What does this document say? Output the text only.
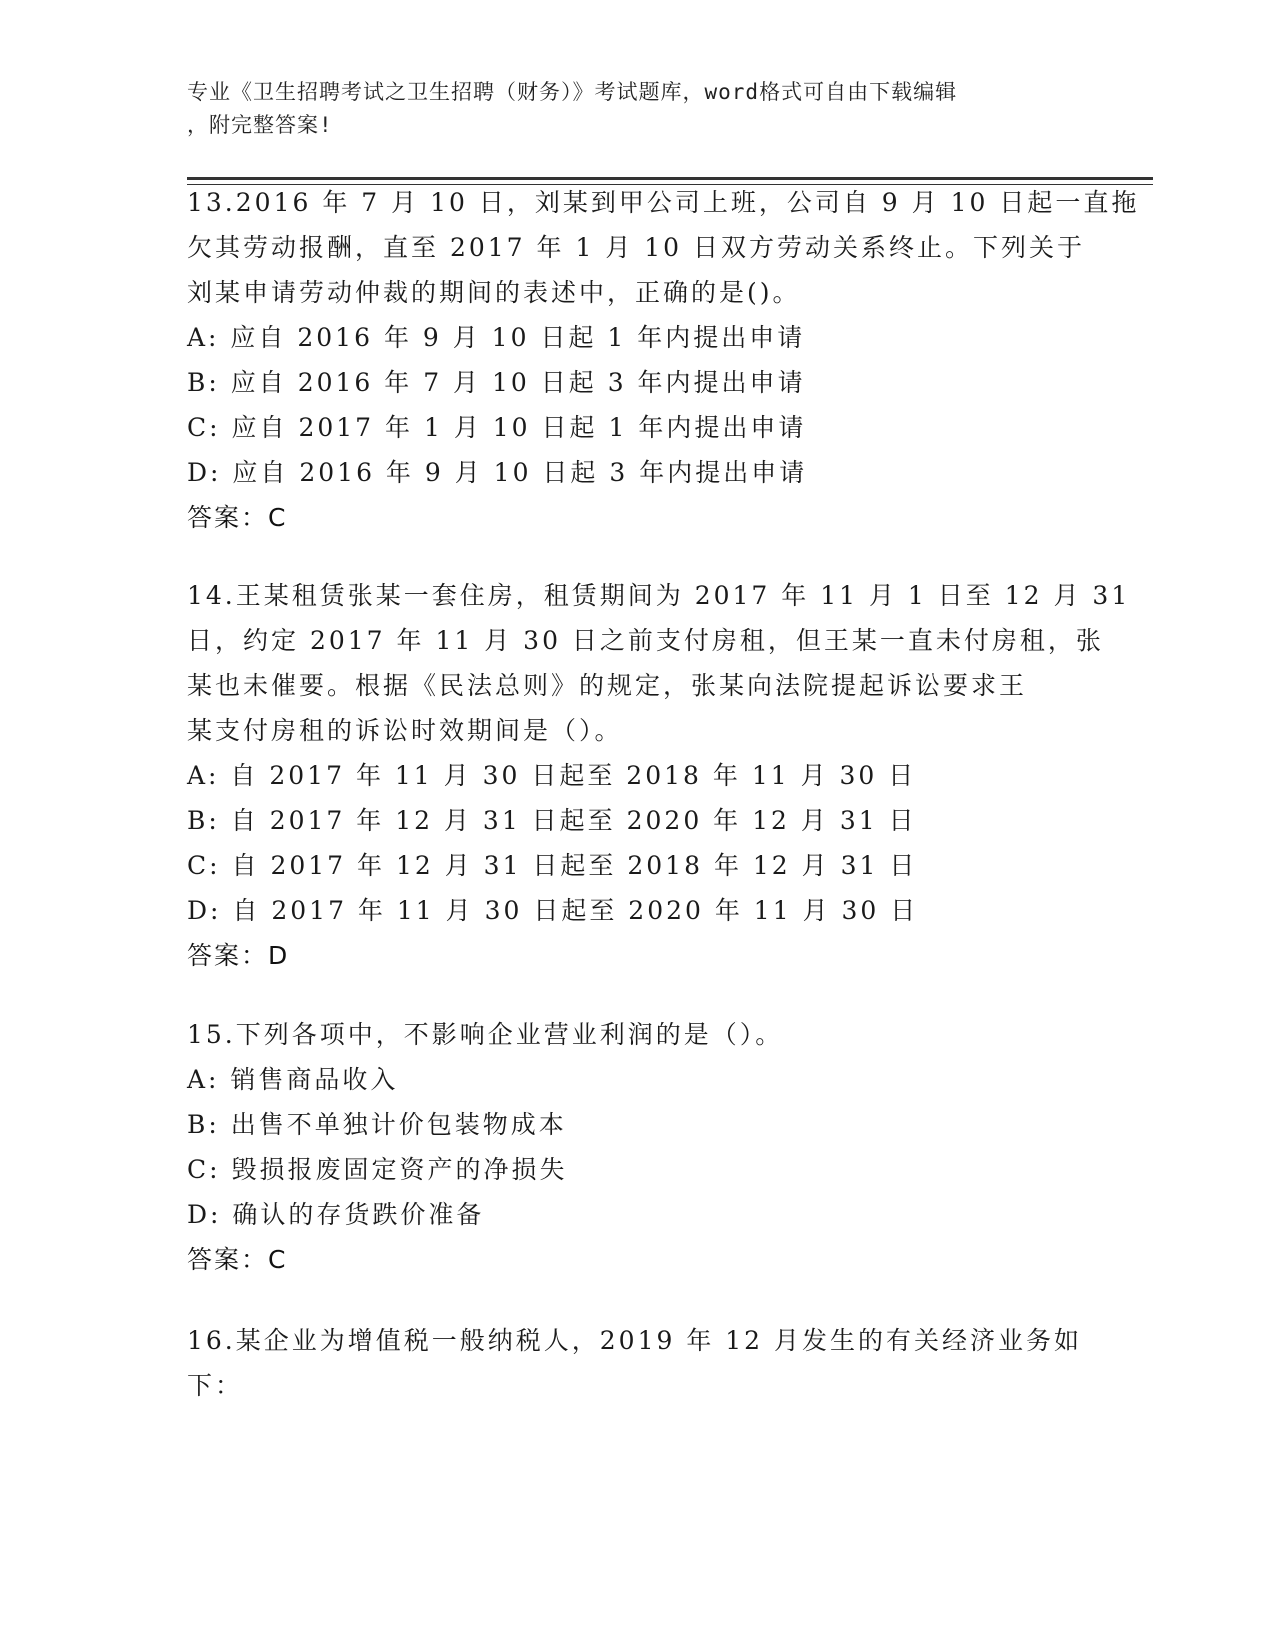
专业《卫生招聘考试之卫生招聘（财务）》考试题库，word格式可自由下载编辑

，附完整答案!

13.2016 年 7 月 10 日，刘某到甲公司上班，公司自 9 月 10 日起一直拖
欠其劳动报酬，直至 2017 年 1 月 10 日双方劳动关系终止。下列关于
刘某申请劳动仲裁的期间的表述中，正确的是()。
A: 应自 2016 年 9 月 10 日起 1 年内提出申请
B: 应自 2016 年 7 月 10 日起 3 年内提出申请
C: 应自 2017 年 1 月 10 日起 1 年内提出申请
D: 应自 2016 年 9 月 10 日起 3 年内提出申请
答案：C
14.王某租赁张某一套住房，租赁期间为 2017 年 11 月 1 日至 12 月 31
日，约定 2017 年 11 月 30 日之前支付房租，但王某一直未付房租，张
某也未催要。根据《民法总则》的规定，张某向法院提起诉讼要求王
某支付房租的诉讼时效期间是（）。
A: 自 2017 年 11 月 30 日起至 2018 年 11 月 30 日
B: 自 2017 年 12 月 31 日起至 2020 年 12 月 31 日
C: 自 2017 年 12 月 31 日起至 2018 年 12 月 31 日
D: 自 2017 年 11 月 30 日起至 2020 年 11 月 30 日
答案：D
15.下列各项中，不影响企业营业利润的是（）。
A: 销售商品收入
B: 出售不单独计价包装物成本
C: 毁损报废固定资产的净损失
D: 确认的存货跌价准备
答案：C
16.某企业为增值税一般纳税人，2019 年 12 月发生的有关经济业务如
下：
